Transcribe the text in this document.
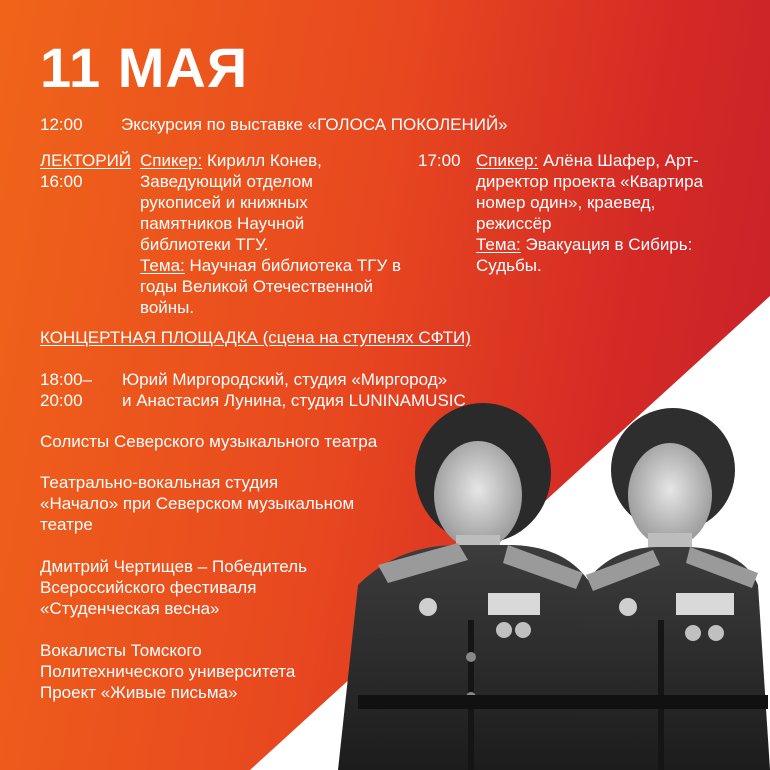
11 МАЯ
12:00 Экскурсия по выставке «ГОЛОСА ПОКОЛЕНИЙ»
ЛЕКТОРИЙ
16:00
Спикер: Кирилл Конев,
Заведующий отделом
рукописей и книжных
памятников Научной
библиотеки ТГУ.
Тема: Научная библиотека ТГУ в
годы Великой Отечественной
войны.
17:00 Спикер: Алёна Шафер, Арт-
директор проекта «Квартира
номер один», краевед,
режиссёр
Тема: Эвакуация в Сибирь:
Судьбы.
КОНЦЕРТНАЯ ПЛОЩАДКА (сцена на ступенях СФТИ)
18:00–
20:00
Юрий Миргородский, студия «Миргород»
и Анастасия Лунина, студия LUNINAMUSIC
Солисты Северского музыкального театра
Театрально-вокальная студия
«Начало» при Северском музыкальном
театре
Дмитрий Чертищев – Победитель
Всероссийского фестиваля
«Студенческая весна»
Вокалисты Томского
Политехнического университета
Проект «Живые письма»
